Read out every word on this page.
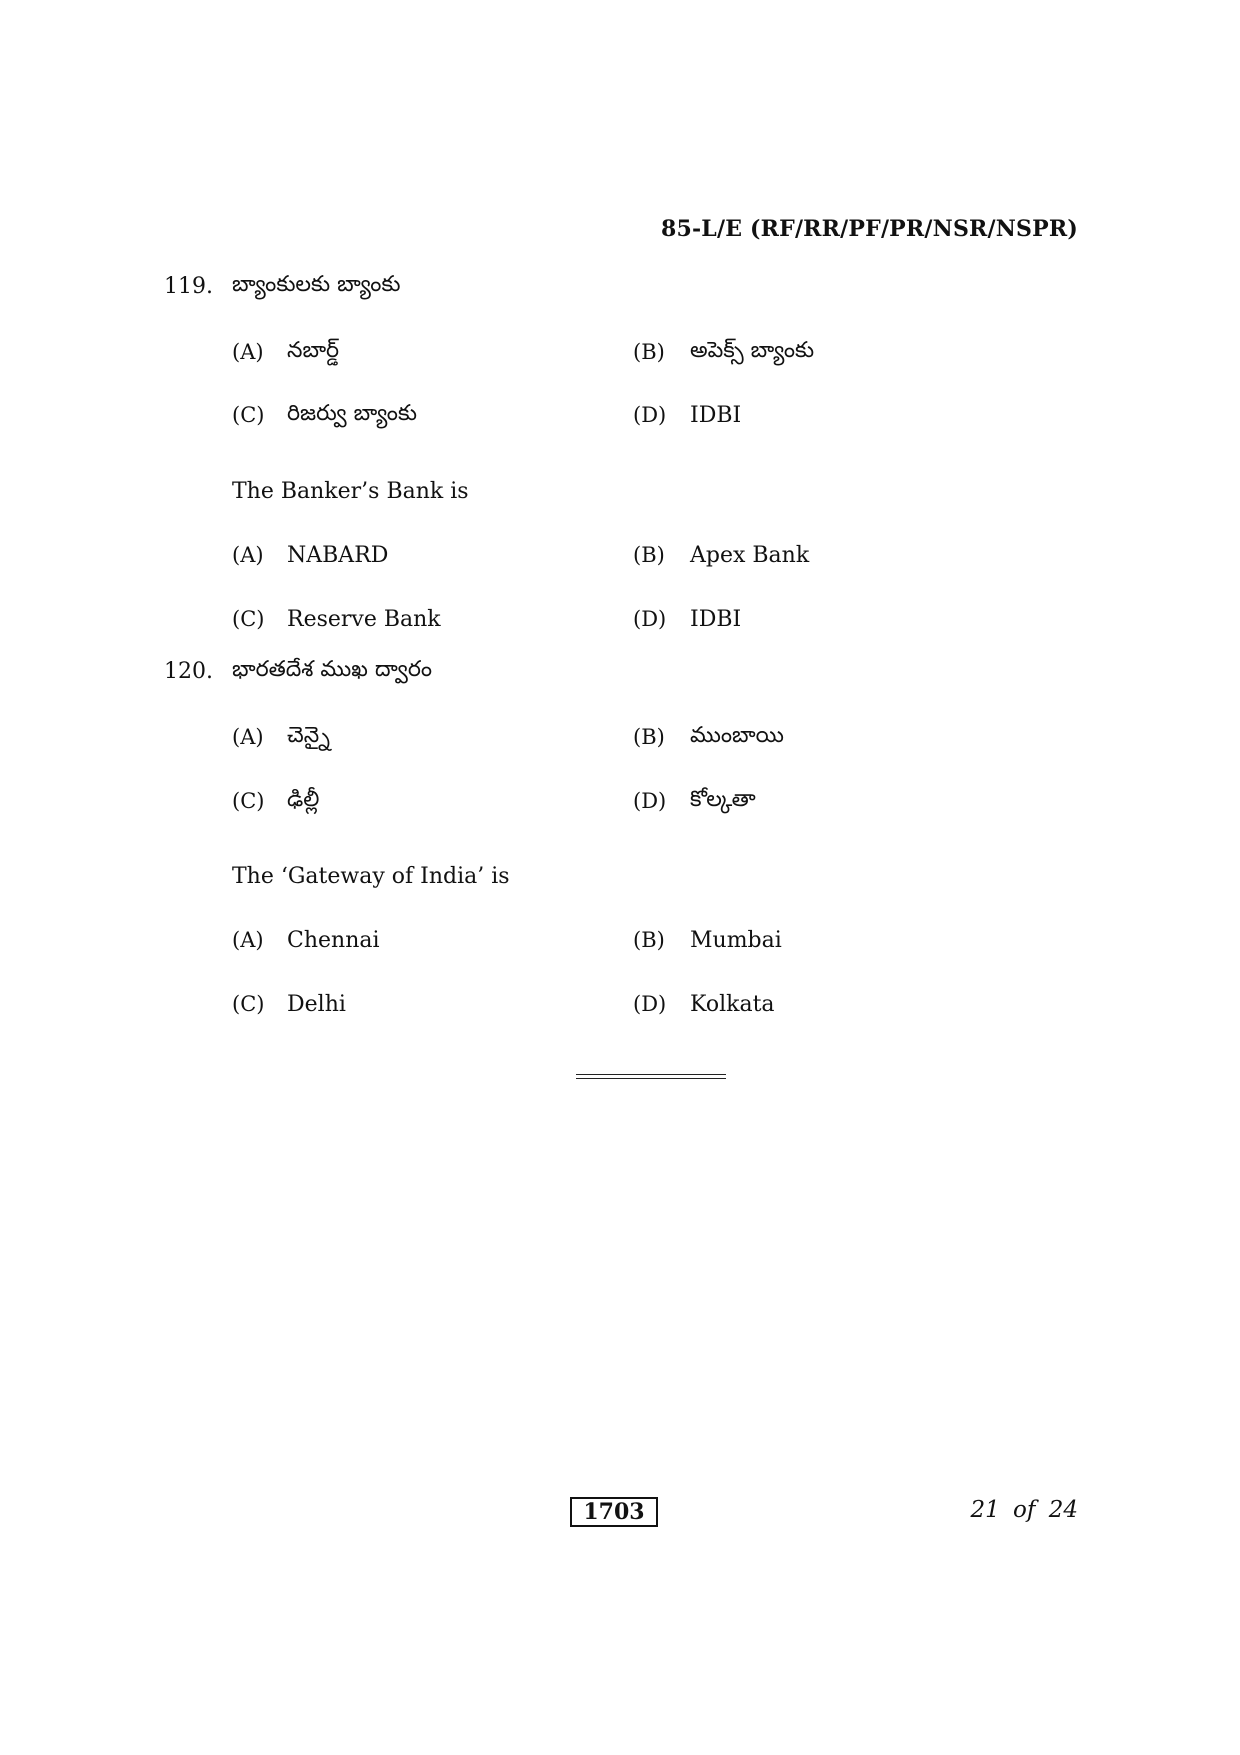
85-L/E (RF/RR/PF/PR/NSR/NSPR)
119. బ్యాంకులకు బ్యాంకు
(A) నబార్డ్	(B) అపెక్స్ బ్యాంకు
(C) రిజర్వు బ్యాంకు	(D) IDBI
The Banker’s Bank is
(A) NABARD	(B) Apex Bank
(C) Reserve Bank	(D) IDBI
120. భారతదేశ ముఖ ద్వారం
(A) చెన్నై	(B) ముంబాయి
(C) ఢిల్లీ	(D) కోల్కతా
The ‘Gateway of India’ is
(A) Chennai	(B) Mumbai
(C) Delhi	(D) Kolkata
1703	21 of 24
